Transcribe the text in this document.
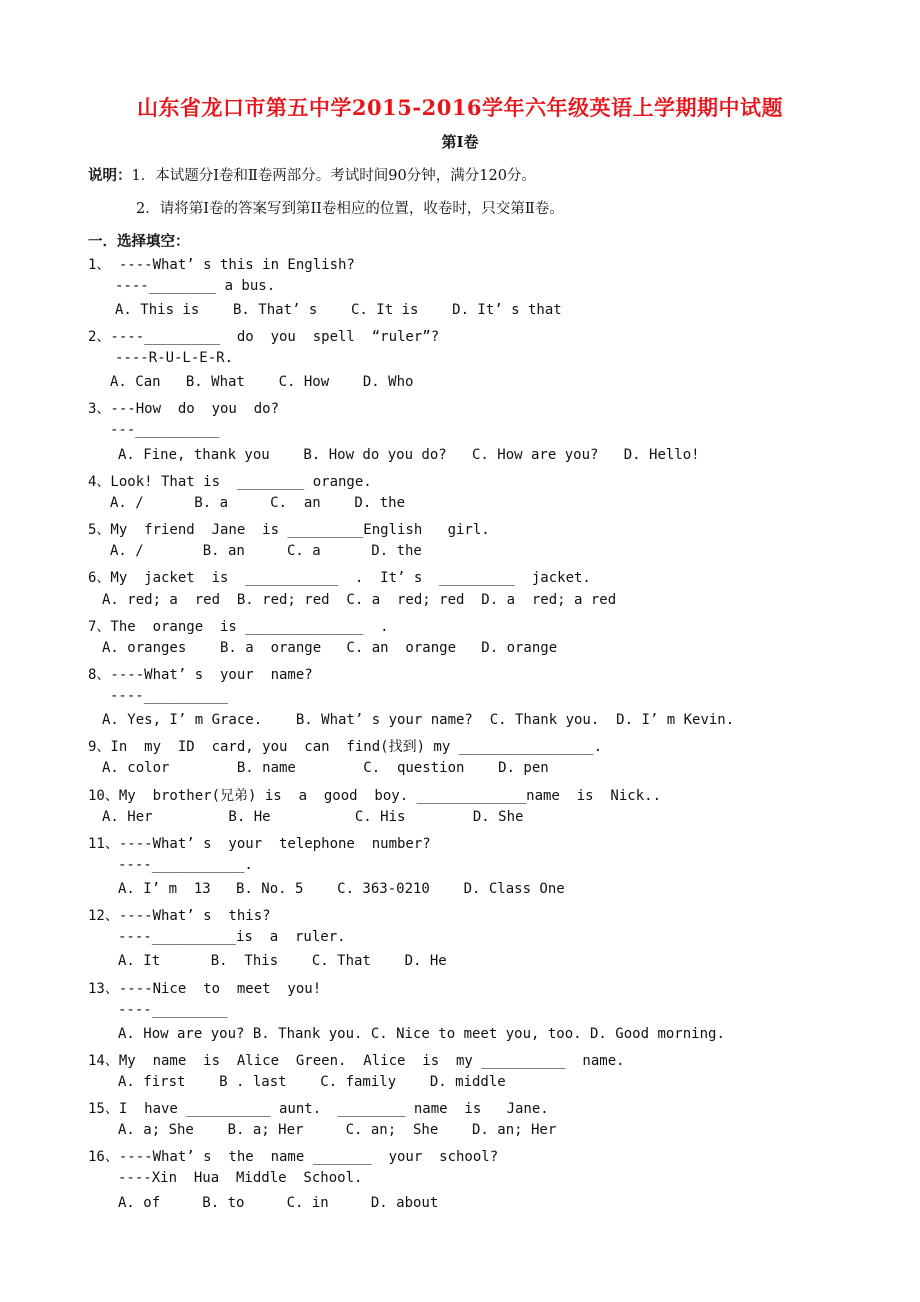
山东省龙口市第五中学2015-2016学年六年级英语上学期期中试题
第Ⅰ卷
说明：1．本试题分Ⅰ卷和Ⅱ卷两部分。考试时间90分钟，满分120分。
2．请将第Ⅰ卷的答案写到第II卷相应的位置，收卷时，只交第Ⅱ卷。
一．选择填空：
1、 ----What’ s this in English?
----________ a bus.
A. This is    B. That’ s    C. It is    D. It’ s that
2、----_________  do  you  spell  “ruler”?
----R-U-L-E-R.
A. Can   B. What    C. How    D. Who
3、---How  do  you  do?
---__________
A. Fine, thank you    B. How do you do?   C. How are you?   D. Hello!
4、Look! That is  ________ orange.
A. /      B. a     C.  an    D. the
5、My  friend  Jane  is _________English   girl.
A. /       B. an     C. a      D. the
6、My  jacket  is  ___________  .  It’ s  _________  jacket.
A. red; a  red  B. red; red  C. a  red; red  D. a  red; a red
7、The  orange  is ______________  .
A. oranges    B. a  orange   C. an  orange   D. orange
8、----What’ s  your  name?
----__________
A. Yes, I’ m Grace.    B. What’ s your name?  C. Thank you.  D. I’ m Kevin.
9、In  my  ID  card, you  can  find(找到) my ________________.
A. color        B. name        C.  question    D. pen
10、My  brother(兄弟) is  a  good  boy. _____________name  is  Nick..
A. Her         B. He          C. His        D. She
11、----What’ s  your  telephone  number?
----___________.
A. I’ m  13   B. No. 5    C. 363-0210    D. Class One
12、----What’ s  this?
----__________is  a  ruler.
A. It      B.  This    C. That    D. He
13、----Nice  to  meet  you!
----_________
A. How are you? B. Thank you. C. Nice to meet you, too. D. Good morning.
14、My  name  is  Alice  Green.  Alice  is  my __________  name.
A. first    B . last    C. family    D. middle
15、I  have __________ aunt.  ________ name  is   Jane.
A. a; She    B. a; Her     C. an;  She    D. an; Her
16、----What’ s  the  name _______  your  school?
----Xin  Hua  Middle  School.
A. of     B. to     C. in     D. about
